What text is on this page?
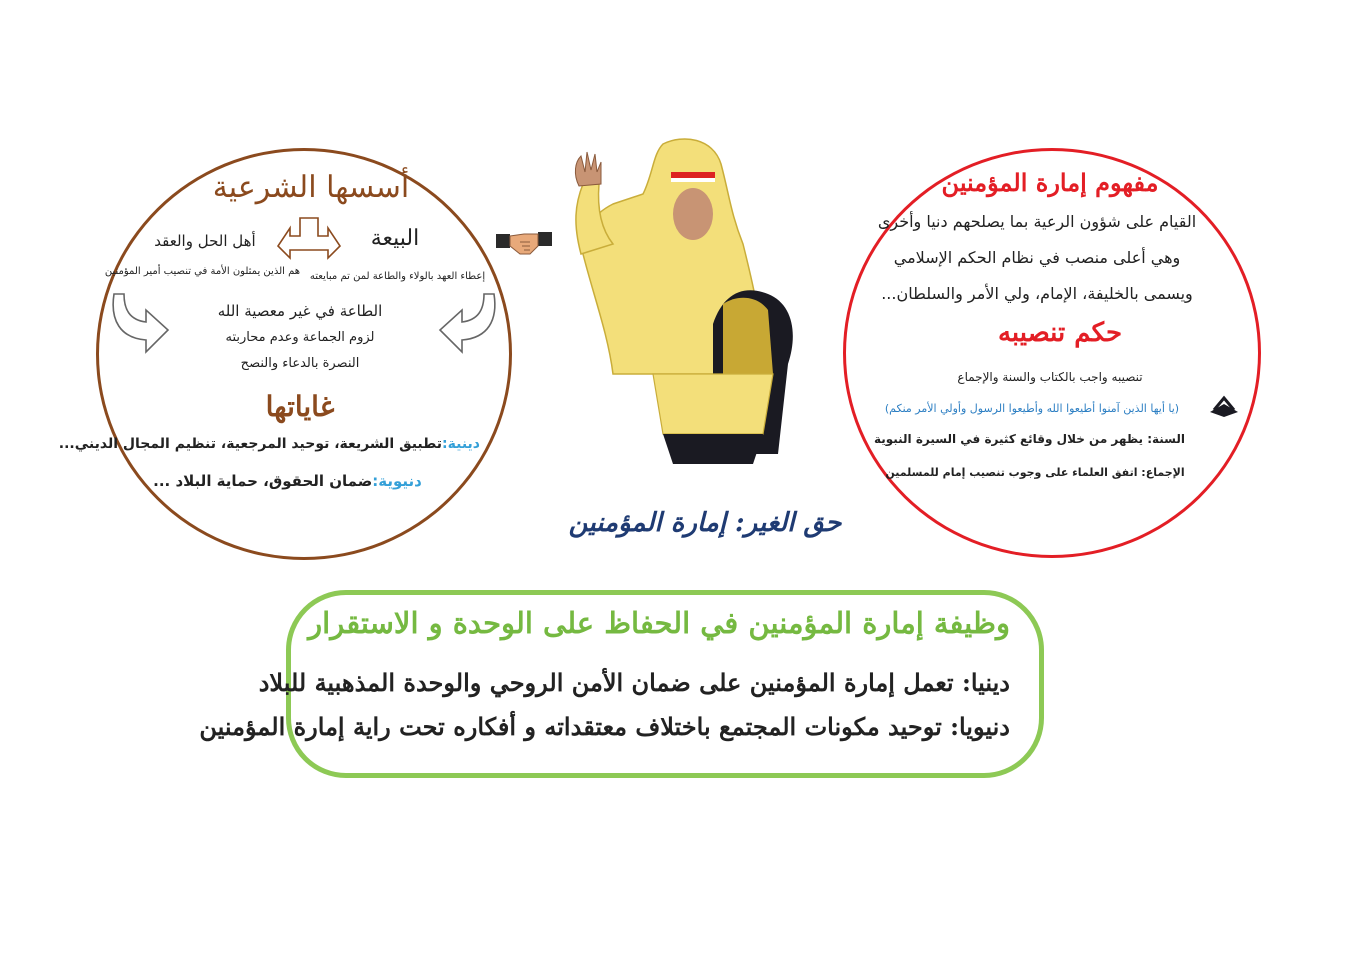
أسسها الشرعية
البيعة
أهل الحل والعقد
إعطاء العهد بالولاء والطاعة لمن تم مبايعته
هم الذين يمثلون الأمة في تنصيب أمير المؤمنين
الطاعة في غير معصية الله
لزوم الجماعة وعدم محاربته
النصرة بالدعاء والنصح
غاياتها
دينية:تطبيق الشريعة، توحيد المرجعية، تنظيم المجال الديني...
دنيوية:ضمان الحقوق، حماية البلاد ...
حق الغير: إمارة المؤمنين
مفهوم إمارة المؤمنين
القيام على شؤون الرعية بما يصلحهم دنيا وأخرى
وهي أعلى منصب في نظام الحكم الإسلامي
ويسمى بالخليفة، الإمام، ولي الأمر والسلطان...
حكم تنصيبه
تنصيبه واجب بالكتاب والسنة والإجماع
(يا أيها الذين آمنوا أطيعوا الله وأطيعوا الرسول وأولي الأمر منكم)
السنة: يظهر من خلال وقائع كثيرة في السيرة النبوية
الإجماع: اتفق العلماء على وجوب تنصيب إمام للمسلمين
وظيفة إمارة المؤمنين في الحفاظ على الوحدة و الاستقرار
دينيا: تعمل إمارة المؤمنين على ضمان الأمن الروحي والوحدة المذهبية للبلاد
دنيويا: توحيد مكونات المجتمع باختلاف معتقداته و أفكاره تحت راية إمارة المؤمنين
